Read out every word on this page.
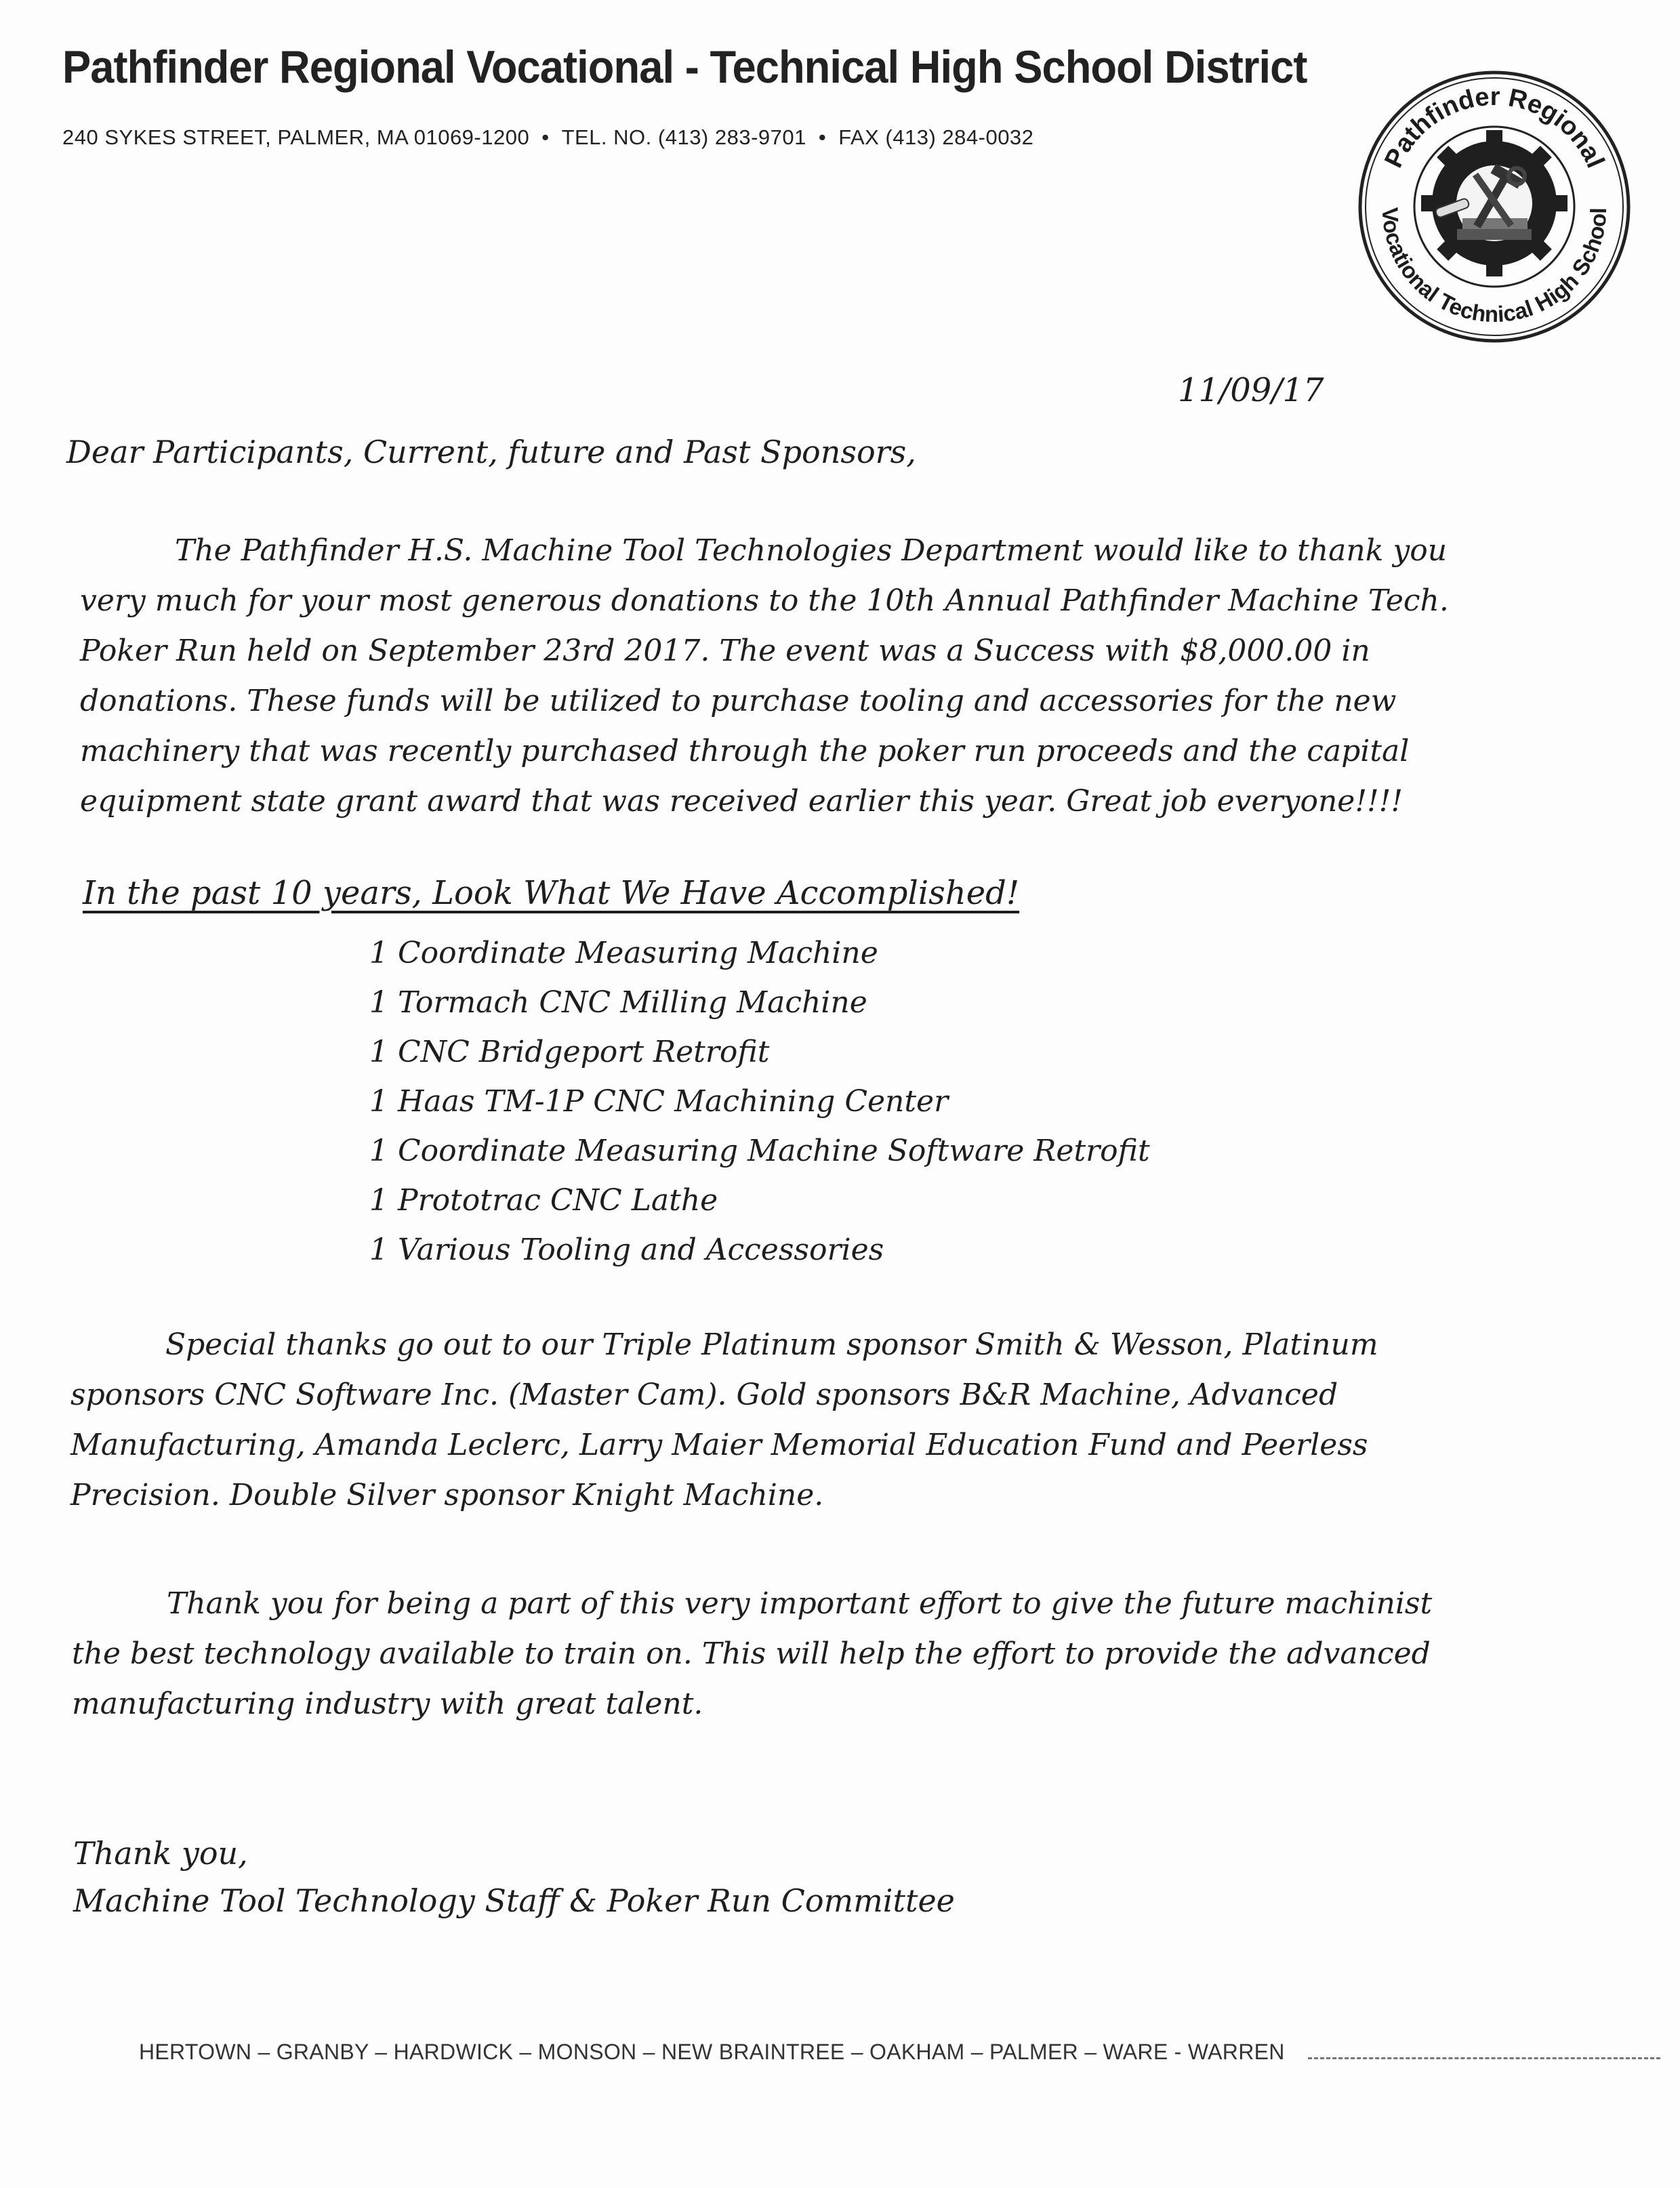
Pathfinder Regional Vocational - Technical High School District
240 SYKES STREET, PALMER, MA 01069-1200 • TEL. NO. (413) 283-9701 • FAX (413) 284-0032
Pathfinder Regional
Vocational Technical High School
11/09/17
Dear Participants, Current, future and Past Sponsors,
The Pathfinder H.S. Machine Tool Technologies Department would like to thank you
very much for your most generous donations to the 10th Annual Pathfinder Machine Tech.
Poker Run held on September 23rd 2017. The event was a Success with $8,000.00 in
donations. These funds will be utilized to purchase tooling and accessories for the new
machinery that was recently purchased through the poker run proceeds and the capital
equipment state grant award that was received earlier this year. Great job everyone!!!!
In the past 10 years, Look What We Have Accomplished!
1 Coordinate Measuring Machine
1 Tormach CNC Milling Machine
1 CNC Bridgeport Retrofit
1 Haas TM-1P CNC Machining Center
1 Coordinate Measuring Machine Software Retrofit
1 Prototrac CNC Lathe
1 Various Tooling and Accessories
Special thanks go out to our Triple Platinum sponsor Smith & Wesson, Platinum
sponsors CNC Software Inc. (Master Cam). Gold sponsors B&R Machine, Advanced
Manufacturing, Amanda Leclerc, Larry Maier Memorial Education Fund and Peerless
Precision. Double Silver sponsor Knight Machine.
Thank you for being a part of this very important effort to give the future machinist
the best technology available to train on. This will help the effort to provide the advanced
manufacturing industry with great talent.
Thank you,
Machine Tool Technology Staff & Poker Run Committee
HERTOWN – GRANBY – HARDWICK – MONSON – NEW BRAINTREE – OAKHAM – PALMER – WARE - WARREN
